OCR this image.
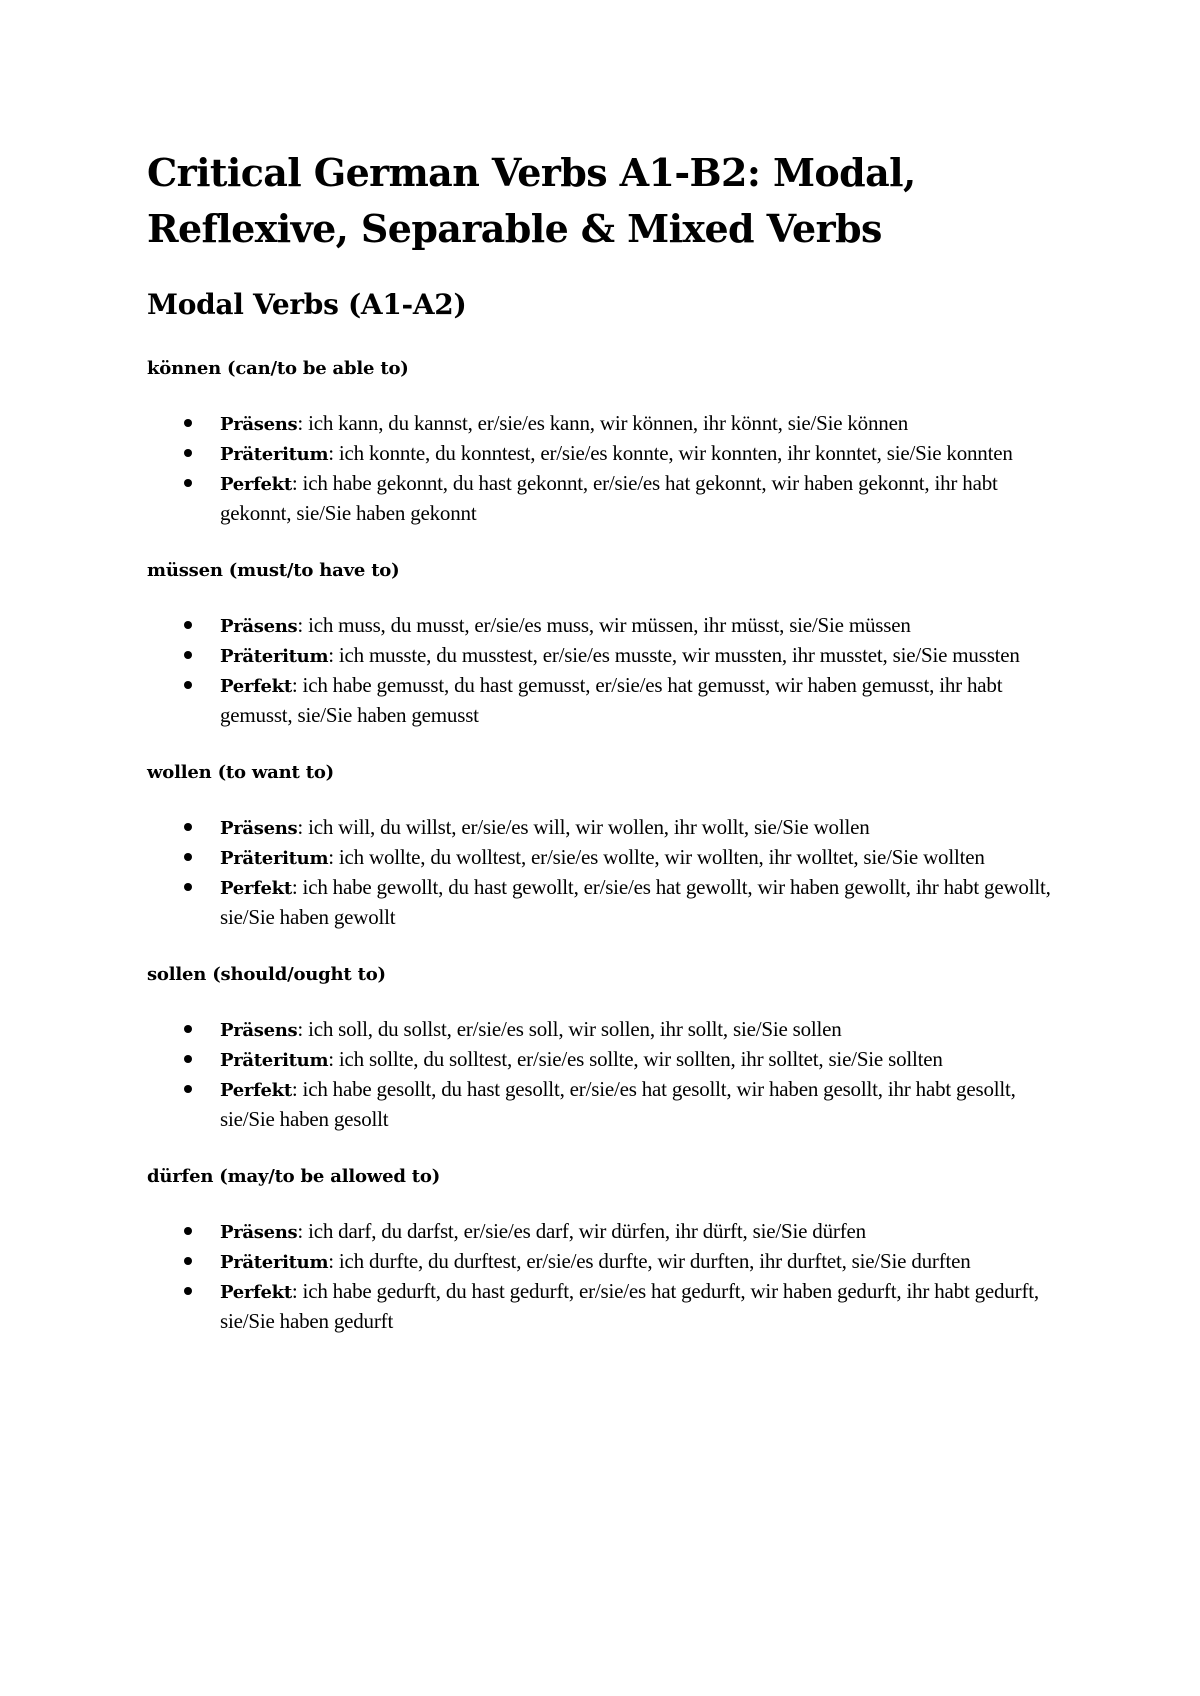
Critical German Verbs A1-B2: Modal, Reflexive, Separable & Mixed Verbs
Modal Verbs (A1-A2)

können (can/to be able to)

Präsens: ich kann, du kannst, er/sie/es kann, wir können, ihr könnt, sie/Sie können
Präteritum: ich konnte, du konntest, er/sie/es konnte, wir konnten, ihr konntet, sie/Sie konnten
Perfekt: ich habe gekonnt, du hast gekonnt, er/sie/es hat gekonnt, wir haben gekonnt, ihr habt gekonnt, sie/Sie haben gekonnt

müssen (must/to have to)

Präsens: ich muss, du musst, er/sie/es muss, wir müssen, ihr müsst, sie/Sie müssen
Präteritum: ich musste, du musstest, er/sie/es musste, wir mussten, ihr musstet, sie/Sie mussten
Perfekt: ich habe gemusst, du hast gemusst, er/sie/es hat gemusst, wir haben gemusst, ihr habt gemusst, sie/Sie haben gemusst

wollen (to want to)

Präsens: ich will, du willst, er/sie/es will, wir wollen, ihr wollt, sie/Sie wollen
Präteritum: ich wollte, du wolltest, er/sie/es wollte, wir wollten, ihr wolltet, sie/Sie wollten
Perfekt: ich habe gewollt, du hast gewollt, er/sie/es hat gewollt, wir haben gewollt, ihr habt gewollt, sie/Sie haben gewollt

sollen (should/ought to)

Präsens: ich soll, du sollst, er/sie/es soll, wir sollen, ihr sollt, sie/Sie sollen
Präteritum: ich sollte, du solltest, er/sie/es sollte, wir sollten, ihr solltet, sie/Sie sollten
Perfekt: ich habe gesollt, du hast gesollt, er/sie/es hat gesollt, wir haben gesollt, ihr habt gesollt, sie/Sie haben gesollt

dürfen (may/to be allowed to)

Präsens: ich darf, du darfst, er/sie/es darf, wir dürfen, ihr dürft, sie/Sie dürfen
Präteritum: ich durfte, du durftest, er/sie/es durfte, wir durften, ihr durftet, sie/Sie durften
Perfekt: ich habe gedurft, du hast gedurft, er/sie/es hat gedurft, wir haben gedurft, ihr habt gedurft, sie/Sie haben gedurft
